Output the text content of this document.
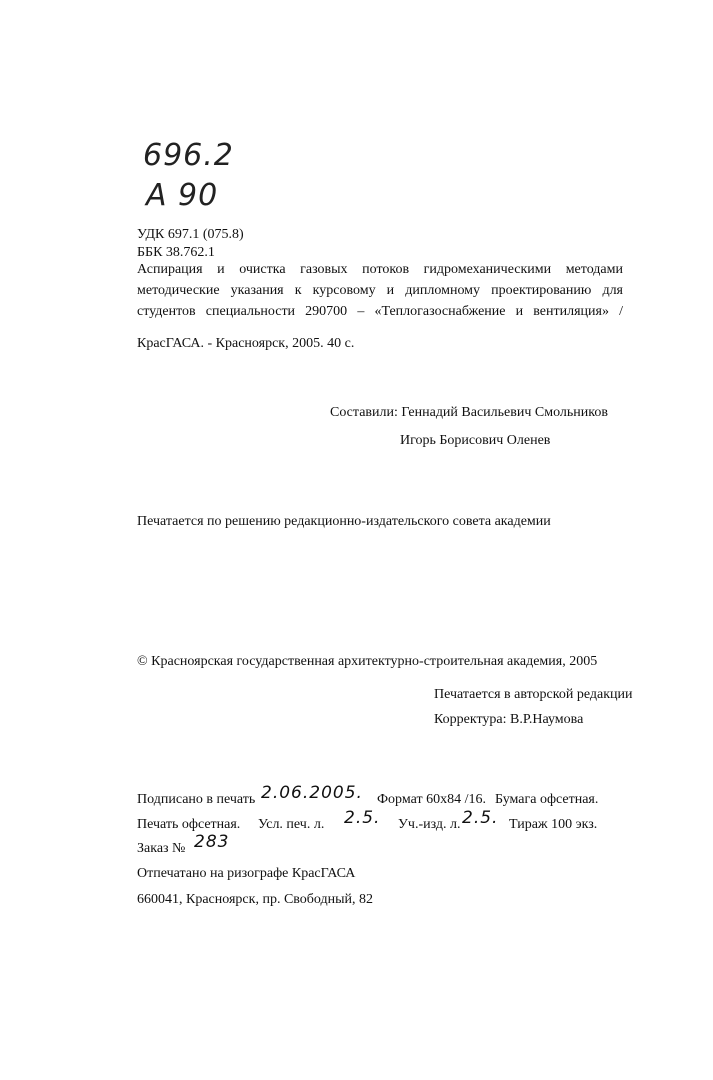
696.2
А 90
УДК 697.1 (075.8)
ББК 38.762.1
Аспирация и очистка газовых потоков гидромеханическими методами
методические указания к курсовому и дипломному проектированию для
студентов специальности 290700 – «Теплогазоснабжение и вентиляция» /
КрасГАСА. - Красноярск, 2005. 40 с.
Составили: Геннадий Васильевич Смольников
Игорь Борисович Оленев
Печатается по решению редакционно-издательского совета академии
© Красноярская государственная архитектурно-строительная академия, 2005
Печатается в авторской редакции
Корректура: В.Р.Наумова
Подписано в печать 2.06.2005. Формат 60х84 /16. Бумага офсетная.
Печать офсетная. Усл. печ. л. 2.5. Уч.-изд. л. 2.5. Тираж 100 экз.
Заказ № 283
Отпечатано на ризографе КрасГАСА
660041, Красноярск, пр. Свободный, 82
